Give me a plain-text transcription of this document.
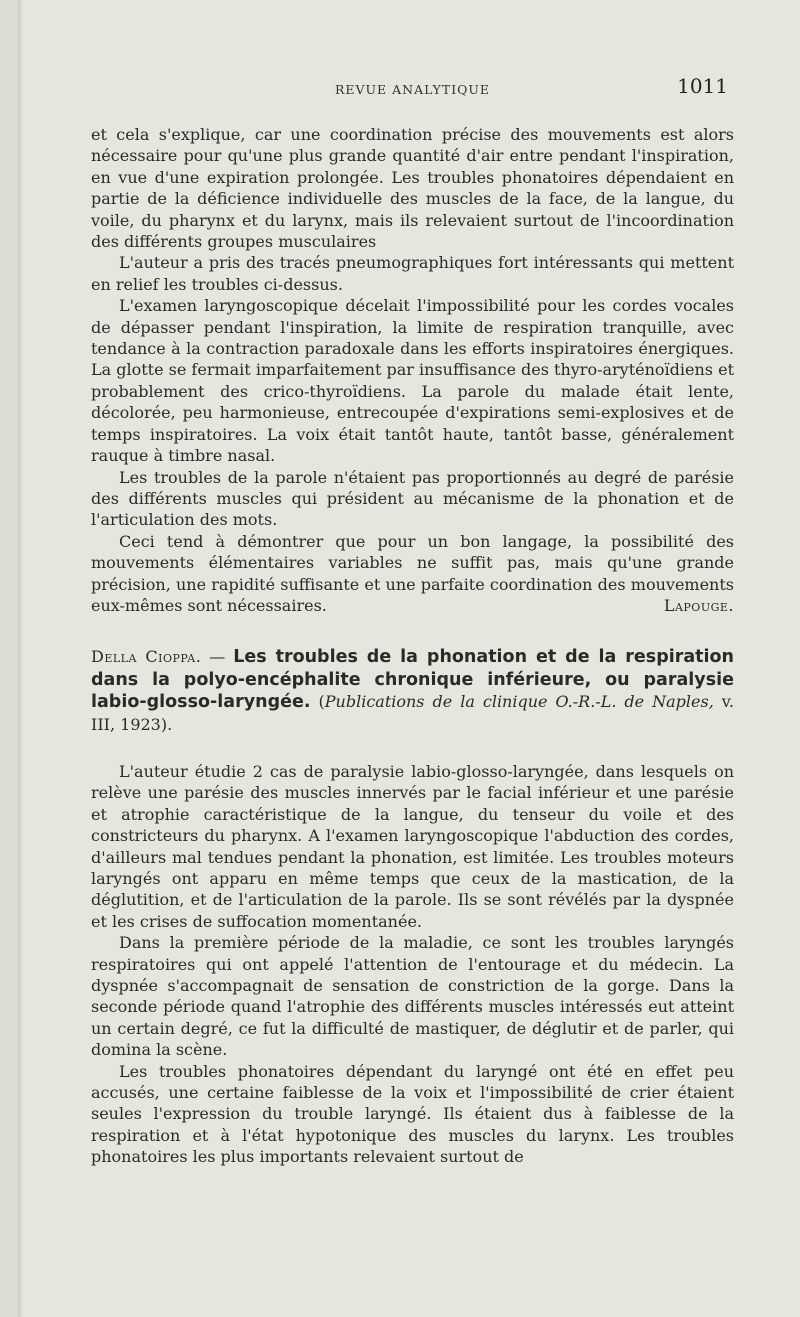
REVUE ANALYTIQUE	1011

et cela s'explique, car une coordination précise des mouvements est alors nécessaire pour qu'une plus grande quantité d'air entre pendant l'inspiration, en vue d'une expiration prolongée. Les troubles phonatoires dépendaient en partie de la déficience individuelle des muscles de la face, de la langue, du voile, du pharynx et du larynx, mais ils relevaient surtout de l'incoordination des différents groupes musculaires

L'auteur a pris des tracés pneumographiques fort intéressants qui mettent en relief les troubles ci-dessus.

L'examen laryngoscopique décelait l'impossibilité pour les cordes vocales de dépasser pendant l'inspiration, la limite de respiration tranquille, avec tendance à la contraction paradoxale dans les efforts inspiratoires énergiques. La glotte se fermait imparfaitement par insuffisance des thyro-aryténoïdiens et probablement des crico-thyroïdiens. La parole du malade était lente, décolorée, peu harmonieuse, entrecoupée d'expirations semi-explosives et de temps inspiratoires. La voix était tantôt haute, tantôt basse, généralement rauque à timbre nasal.

Les troubles de la parole n'étaient pas proportionnés au degré de parésie des différents muscles qui président au mécanisme de la phonation et de l'articulation des mots.

Ceci tend à démontrer que pour un bon langage, la possibilité des mouvements élémentaires variables ne suffit pas, mais qu'une grande précision, une rapidité suffisante et une parfaite coordination des mouvements eux-mêmes sont nécessaires.	Lapouge.

Della Cioppa. — Les troubles de la phonation et de la respiration dans la polyo-encéphalite chronique inférieure, ou paralysie labio-glosso-laryngée. (Publications de la clinique O.-R.-L. de Naples, v. III, 1923).

L'auteur étudie 2 cas de paralysie labio-glosso-laryngée, dans lesquels on relève une parésie des muscles innervés par le facial inférieur et une parésie et atrophie caractéristique de la langue, du tenseur du voile et des constricteurs du pharynx. A l'examen laryngoscopique l'abduction des cordes, d'ailleurs mal tendues pendant la phonation, est limitée. Les troubles moteurs laryngés ont apparu en même temps que ceux de la mastication, de la déglutition, et de l'articulation de la parole. Ils se sont révélés par la dyspnée et les crises de suffocation momentanée.

Dans la première période de la maladie, ce sont les troubles laryngés respiratoires qui ont appelé l'attention de l'entourage et du médecin. La dyspnée s'accompagnait de sensation de constriction de la gorge. Dans la seconde période quand l'atrophie des différents muscles intéressés eut atteint un certain degré, ce fut la difficulté de mastiquer, de déglutir et de parler, qui domina la scène.

Les troubles phonatoires dépendant du laryngé ont été en effet peu accusés, une certaine faiblesse de la voix et l'impossibilité de crier étaient seules l'expression du trouble laryngé. Ils étaient dus à faiblesse de la respiration et à l'état hypotonique des muscles du larynx. Les troubles phonatoires les plus importants relevaient surtout de
